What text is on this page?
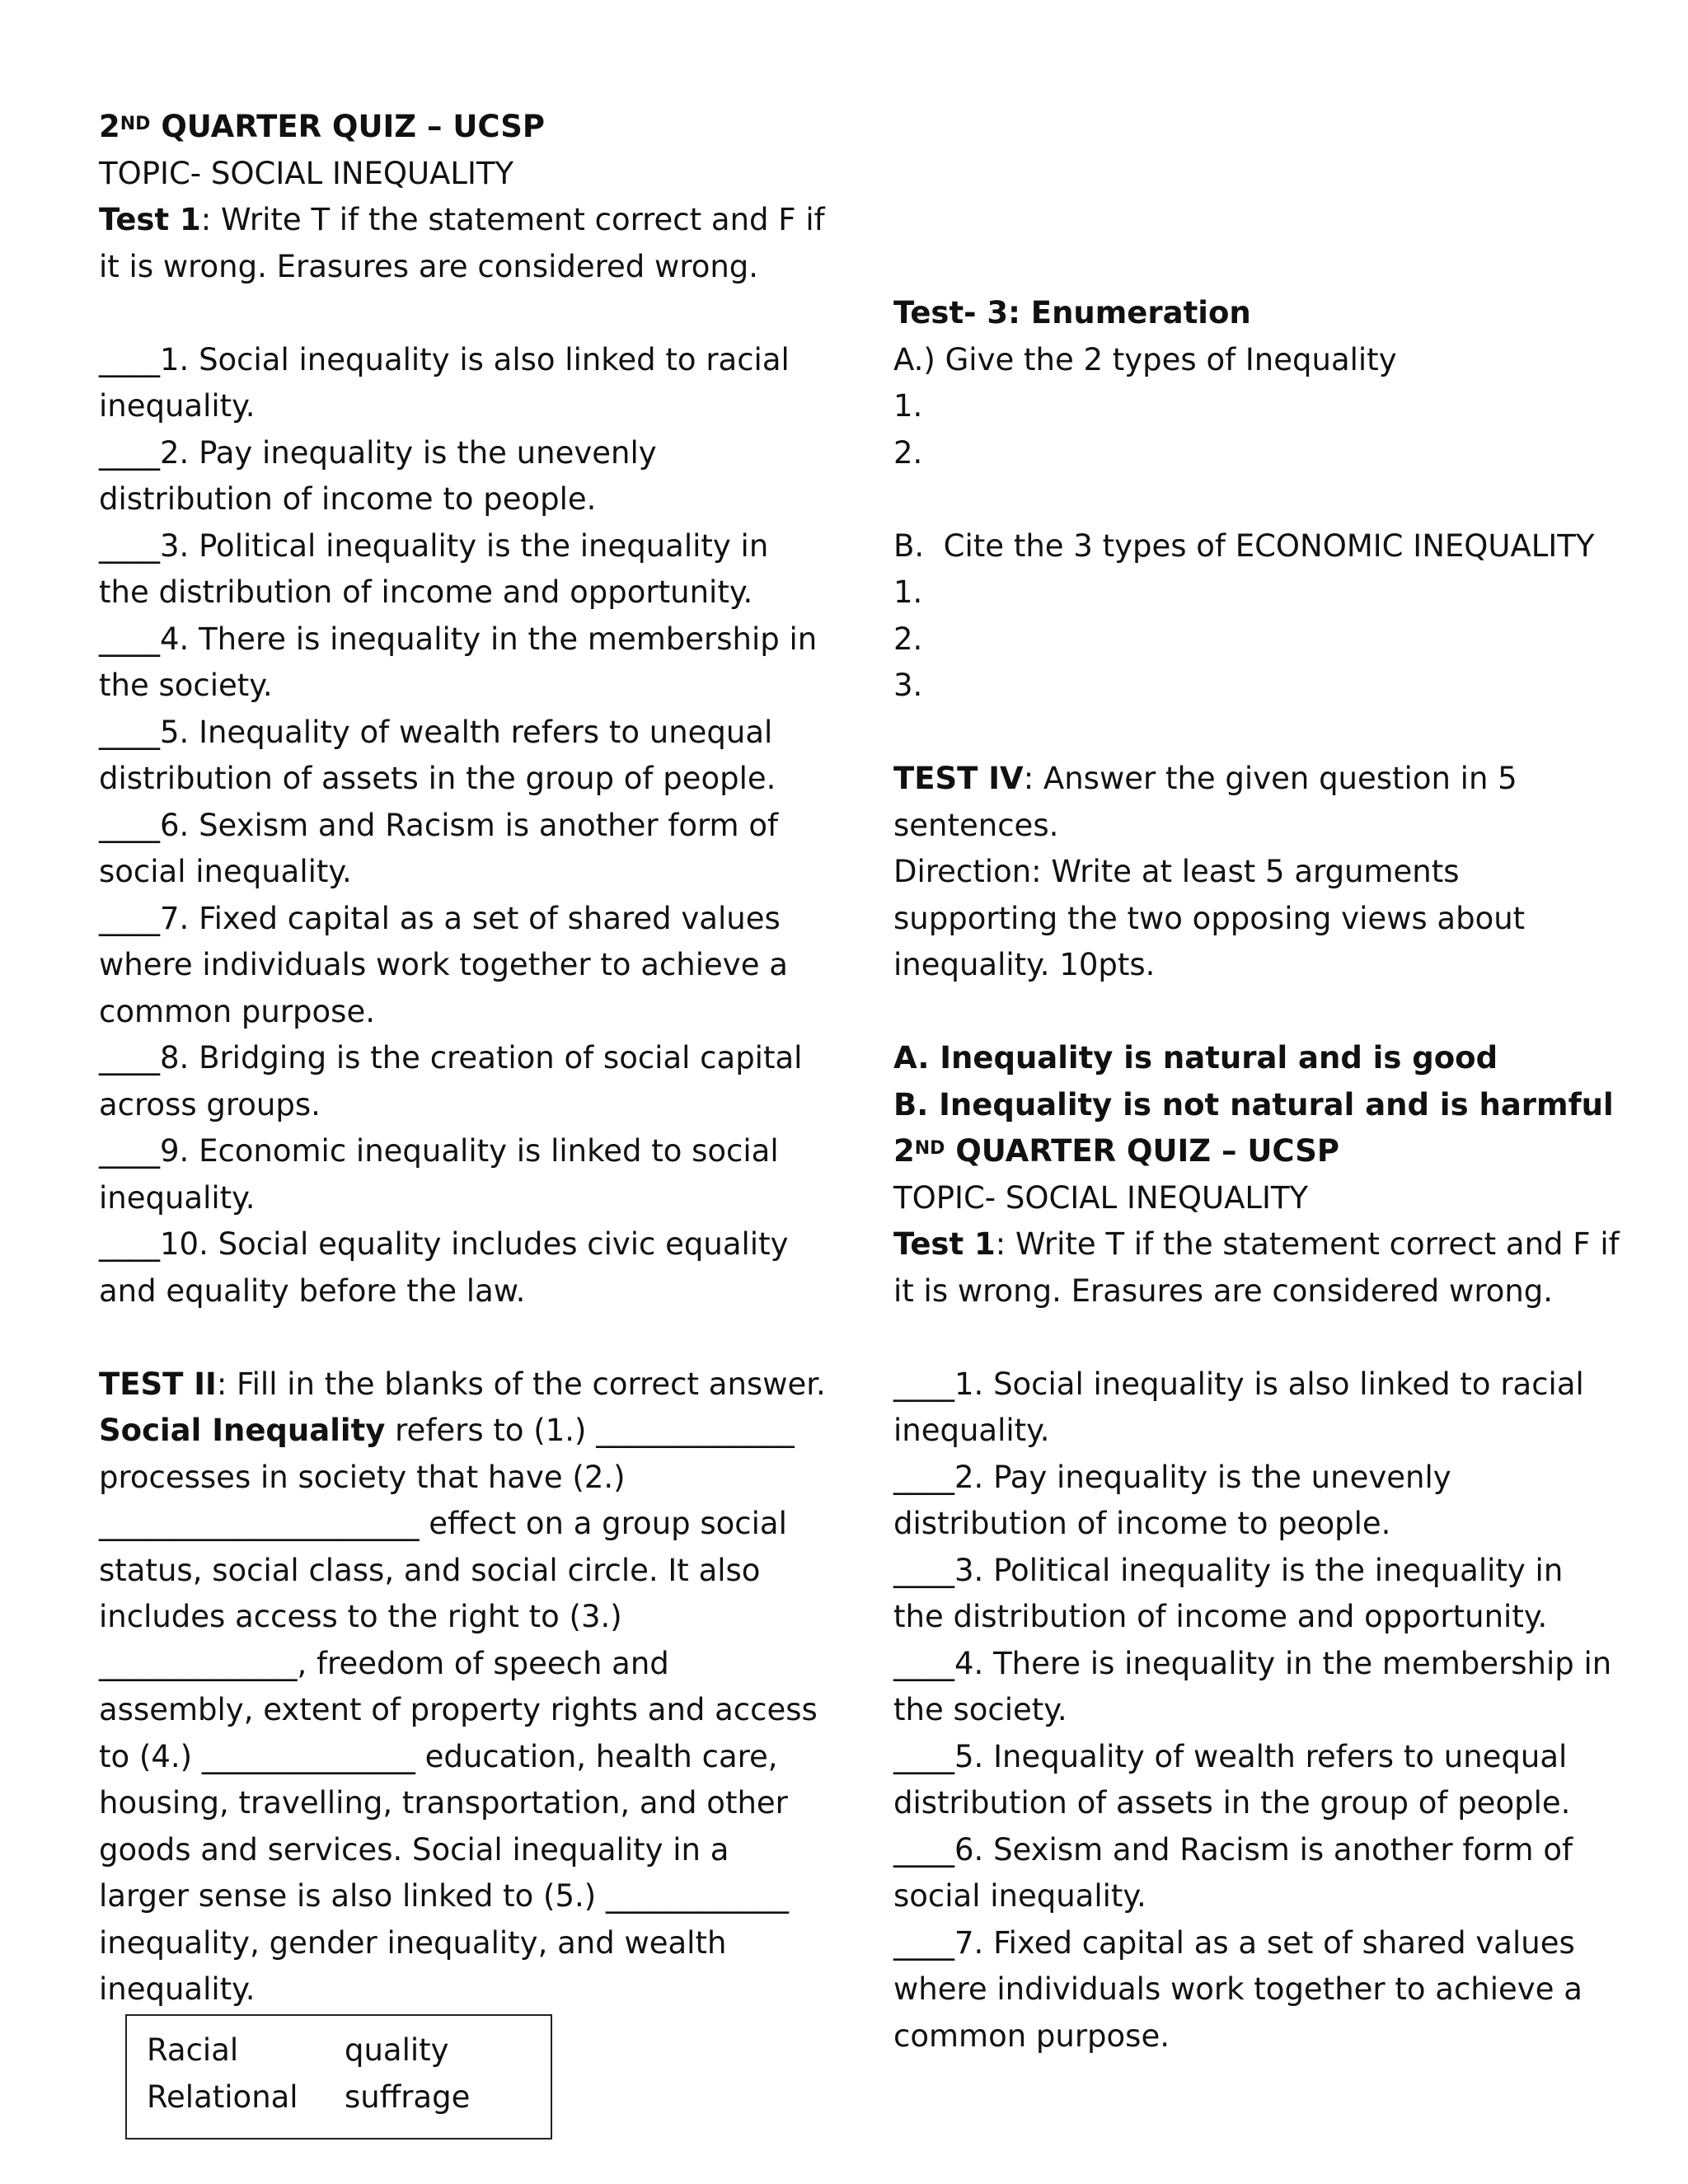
2ND QUARTER QUIZ – UCSP

TOPIC- SOCIAL INEQUALITY

Test 1: Write T if the statement correct and F if

it is wrong. Erasures are considered wrong.

____1. Social inequality is also linked to racial

inequality.

____2. Pay inequality is the unevenly

distribution of income to people.

____3. Political inequality is the inequality in

the distribution of income and opportunity.

____4. There is inequality in the membership in

the society.

____5. Inequality of wealth refers to unequal

distribution of assets in the group of people.

____6. Sexism and Racism is another form of

social inequality.

____7. Fixed capital as a set of shared values

where individuals work together to achieve a

common purpose.

____8. Bridging is the creation of social capital

across groups.

____9. Economic inequality is linked to social

inequality.

____10. Social equality includes civic equality

and equality before the law.

TEST II: Fill in the blanks of the correct answer.

Social Inequality refers to (1.) _____________

processes in society that have (2.)

_____________________ effect on a group social

status, social class, and social circle. It also

includes access to the right to (3.)

_____________, freedom of speech and

assembly, extent of property rights and access

to (4.) ______________ education, health care,

housing, travelling, transportation, and other

goods and services. Social inequality in a

larger sense is also linked to (5.) ____________

inequality, gender inequality, and wealth

inequality.

Racial	quality
Relational	suffrage

Test- 3: Enumeration

A.) Give the 2 types of Inequality

1.

2.

B.  Cite the 3 types of ECONOMIC INEQUALITY

1.

2.

3.

TEST IV: Answer the given question in 5

sentences.

Direction: Write at least 5 arguments

supporting the two opposing views about

inequality. 10pts.

A. Inequality is natural and is good

B. Inequality is not natural and is harmful

2ND QUARTER QUIZ – UCSP

TOPIC- SOCIAL INEQUALITY

Test 1: Write T if the statement correct and F if

it is wrong. Erasures are considered wrong.

____1. Social inequality is also linked to racial

inequality.

____2. Pay inequality is the unevenly

distribution of income to people.

____3. Political inequality is the inequality in

the distribution of income and opportunity.

____4. There is inequality in the membership in

the society.

____5. Inequality of wealth refers to unequal

distribution of assets in the group of people.

____6. Sexism and Racism is another form of

social inequality.

____7. Fixed capital as a set of shared values

where individuals work together to achieve a

common purpose.
